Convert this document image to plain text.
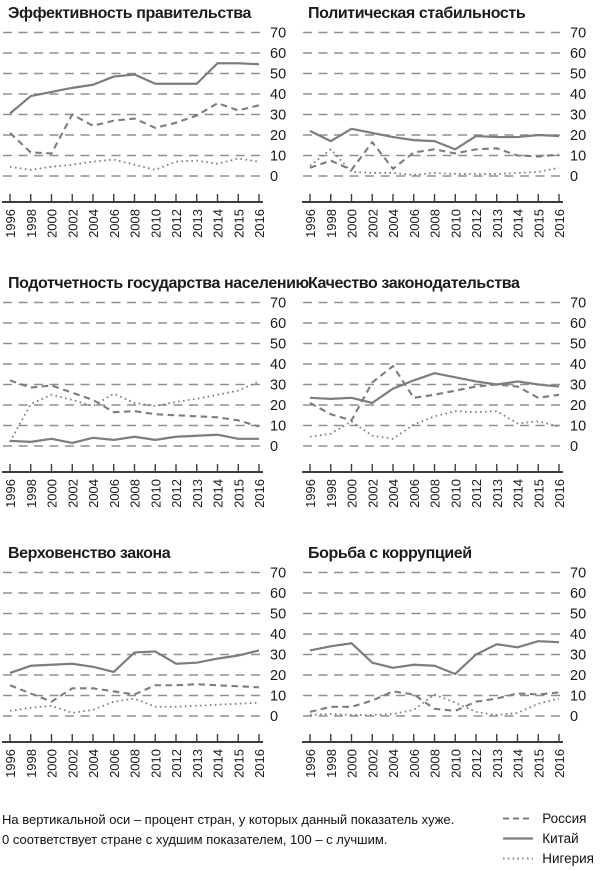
Эффективность правительства
0
10
20
30
40
50
60
70
1996 1998 2000 2002 2004 2006 2008 2010 2012 2013 2014 2015 2016
Политическая стабильность
0
10
20
30
40
50
60
70
1996 1998 2000 2002 2004 2006 2008 2010 2012 2013 2014 2015 2016
Подотчетность государства населению
0
10
20
30
40
50
60
70
1996 1998 2000 2002 2004 2006 2008 2010 2012 2013 2014 2015 2016
Качество законодательства
0
10
20
30
40
50
60
70
1996 1998 2000 2002 2004 2006 2008 2010 2012 2013 2014 2015 2016
Верховенство закона
0
10
20
30
40
50
60
70
1996 1998 2000 2002 2004 2006 2008 2010 2012 2013 2014 2015 2016
Борьба с коррупцией
0
10
20
30
40
50
60
70
1996 1998 2000 2002 2004 2006 2008 2010 2012 2013 2014 2015 2016
На вертикальной оси – процент стран, у которых данный показатель хуже.
0 соответствует стране с худшим показателем, 100 – с лучшим.
Россия
Китай
Нигерия
